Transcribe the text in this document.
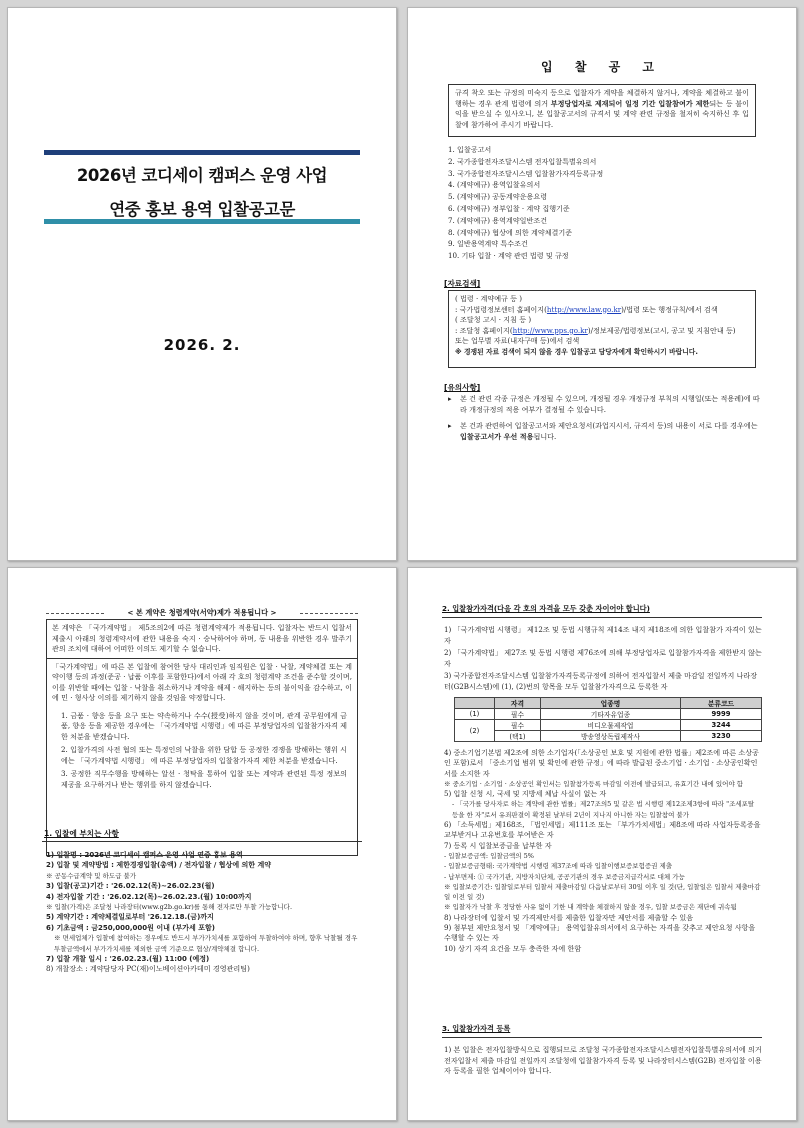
2026년 코디세이 캠퍼스 운영 사업
연중 홍보 용역 입찰공고문
2026. 2.
입 찰 공 고
규격 착오 또는 규정의 미숙지 등으로 입찰자가 계약을 체결하지 않거나, 계약을 체결하고 불이행하는 경우 관계 법령에 의거 부정당업자로 제재되어 일정 기간 입찰참여가 제한되는 등 불이익을 받으실 수 있사오니, 본 입찰공고서의 규격서 및 계약 관련 규정을 철저히 숙지하신 후 입찰에 참가하여 주시기 바랍니다.
1. 입찰공고서
2. 국가종합전자조달시스템 전자입찰특별유의서
3. 국가종합전자조달시스템 입찰참가자격등록규정
4. (계약예규) 용역입찰유의서
5. (계약예규) 공동계약운용요령
6. (계약예규) 정부입찰 · 계약 집행기준
7. (계약예규) 용역계약일반조건
8. (계약예규) 협상에 의한 계약체결기준
9. 일반용역계약 특수조건
10. 기타 입찰 · 계약 관련 법령 및 규정
[자료검색]
( 법령 · 계약예규 등 )
: 국가법령정보센터 홈페이지(http://www.law.go.kr)/법령 또는 행정규칙/에서 검색
( 조달청 고시 · 지침 등 )
: 조달청 홈페이지(http://www.pps.go.kr)/정보제공/법령정보(고시, 공고 및 지침안내 등)
또는 업무별 자료(내자구매 등)에서 검색
※ 경쟁된 자료 검색이 되지 않을 경우 입찰공고 담당자에게 확인하시기 바랍니다.
[유의사항]
▸	본 건 관련 각종 규정은 개정될 수 있으며, 개정될 경우 개정규정 부칙의 시행일(또는 적용례)에 따라 개정규정의 적용 여부가 결정될 수 있습니다.
▸	본 건과 관련하여 입찰공고서와 제안요청서(과업지시서, 규격서 등)의 내용이 서로 다를 경우에는 입찰공고서가 우선 적용됩니다.
< 본 계약은 청렴계약(서약)제가 적용됩니다 >
본 계약은 「국가계약법」 제5조의2에 따른 청렴계약제가 적용됩니다. 입찰자는 반드시 입찰서 제출시 아래의 청렴계약서에 관한 내용을 숙지 · 승낙하여야 하며, 동 내용을 위반한 경우 발주기관의 조치에 대하여 어떠한 이의도 제기할 수 없습니다.
「국가계약법」에 따른 본 입찰에 참여한 당사 대리인과 임직원은 입찰 · 낙찰, 계약체결 또는 계약이행 등의 과정(준공 · 납품 이후를 포함한다)에서 아래 각 호의 청렴계약 조건을 준수할 것이며, 이를 위반할 때에는 입찰 · 낙찰을 취소하거나 계약을 해제 · 해지하는 등의 불이익을 감수하고, 이에 민 · 형사상 이의를 제기하지 않을 것임을 약정합니다.
1. 금품 · 향응 등을 요구 또는 약속하거나 수수(授受)하지 않을 것이며, 관계 공무원에게 금품, 향응 등을 제공한 경우에는 「국가계약법 시행령」에 따른 부정당업자의 입찰참가자격 제한 처분을 받겠습니다.
2. 입찰가격의 사전 협의 또는 특정인의 낙찰을 위한 담합 등 공정한 경쟁을 방해하는 행위 시에는 「국가계약법 시행령」 에 따른 부정당업자의 입찰참가자격 제한 처분을 받겠습니다.
3. 공정한 직무수행을 방해하는 알선 · 청탁을 통하여 입찰 또는 계약과 관련된 특정 정보의 제공을 요구하거나 받는 행위를 하지 않겠습니다.
1. 입찰에 부치는 사항
1) 입찰명 : 2026년 코디세이 캠퍼스 운영 사업 연중 홍보 용역
2) 입찰 및 계약방법 : 제한경쟁입찰(총액) / 전자입찰 / 협상에 의한 계약
※ 공동수급계약 및 하도급 불가
3) 입찰(공고)기간 : '26.02.12(목)~26.02.23(월)
4) 전자입찰 기간 : '26.02.12(목)~26.02.23.(월) 10:00까지
※ 입찰(가격)은 조달청 나라장터(www.g2b.go.kr)를 통해 전자로만 투찰 가능합니다.
5) 계약기간 : 계약체결일로부터 '26.12.18.(금)까지
6) 기초금액 : 금250,000,000원 이내 (부가세 포함)
※ 면세업체가 입찰에 참여하는 경우에도 반드시 부가가치세를 포함하여 투찰하여야 하며, 향후 낙찰될 경우 투찰금액에서 부가가치세를 제외한 금액 기준으로 협상/계약체결 합니다.
7) 입찰 개찰 일시 : '26.02.23.(월) 11:00 (예정)
8) 개찰장소 : 계약담당자 PC(재)이노베이션아카데미 경영관리팀)
2. 입찰참가자격(다음 각 호의 자격을 모두 갖춘 자이어야 합니다)
1) 「국가계약법 시행령」 제12조 및 동법 시행규칙 제14조 내지 제18조에 의한 입찰참가 자격이 있는 자
2) 「국가계약법」 제27조 및 동법 시행령 제76조에 의해 부정당업자로 입찰참가자격을 제한받지 않는 자
3) 국가종합전자조달시스템 입찰참가자격등록규정에 의하여 전자입찰서 제출 마감일 전일까지 나라장터(G2B시스템)에 (1), (2)번의 항목을 모두 입찰참가자격으로 등록한 자
	자격	업종명	분류코드
(1)	필수	기타자유업종	9999
(2)	필수	비디오물제작업	3244
	(택1)	방송영상독립제작사	3230
4) 중소기업기본법 제2조에 의한 소기업자(「소상공인 보호 및 지원에 관한 법률」제2조에 따른 소상공인 포함)로서 「중소기업 범위 및 확인에 관한 규정」에 따라 발급된 중소기업 · 소기업 · 소상공인확인서를 소지한 자
※ 중소기업 · 소기업 · 소상공인 확인서는 입찰참가등록 마감일 이전에 발급되고, 유효기간 내에 있어야 함
5) 입찰 신청 시, 국세 및 지방세 체납 사실이 없는 자
- 「국가를 당사자로 하는 계약에 관한 법률」제27조의5 및 같은 법 시행령 제12조제3항에 따라 "조세포탈 등을 한 자"로서 유죄판결이 확정된 날부터 2년이 지나지 아니한 자는 입찰참여 불가
6) 「소득세법」제168조, 「법인세법」제111조 또는 「부가가치세법」제8조에 따라 사업자등록증을 교부받거나 고유번호를 부여받은 자
7) 등록 시 입찰보증금을 납부한 자
- 입찰보증금액: 입찰금액의 5%
- 입찰보증금형태: 국가계약법 시행령 제37조에 따라 입찰이행보증보험증권 제출
- 납부면제: ① 국가기관, 지방자치단체, 공공기관의 경우 보증금지급각서로 대체 가능
※ 입찰보증기간: 입찰일로부터 입찰서 제출마감일 다음날로부터 30일 이후 일 것(단, 입찰일은 입찰서 제출마감일 이전 일 것)
※ 입찰자가 낙찰 후 정당한 사유 없이 기한 내 계약을 체결하지 않을 경우, 입찰 보증금은 재단에 귀속됨
8) 나라장터에 입찰서 및 가격제안서를 제출한 입찰자만 제안서를 제출할 수 있음
9) 첨부된 제안요청서 및 「계약예규」 용역입찰유의서에서 요구하는 자격을 갖추고 제안요청 사항을 수행할 수 있는 자
10) 상기 자격 요건을 모두 충족한 자에 한함
3. 입찰참가자격 등록
1) 본 입찰은 전자입찰방식으로 집행되므로 조달청 국가종합전자조달시스템전자입찰특별유의서에 의거 전자입찰서 제출 마감일 전일까지 조달청에 입찰참가자격 등록 및 나라장터시스템(G2B) 전자입찰 이용자 등록을 필한 업체이어야 합니다.
